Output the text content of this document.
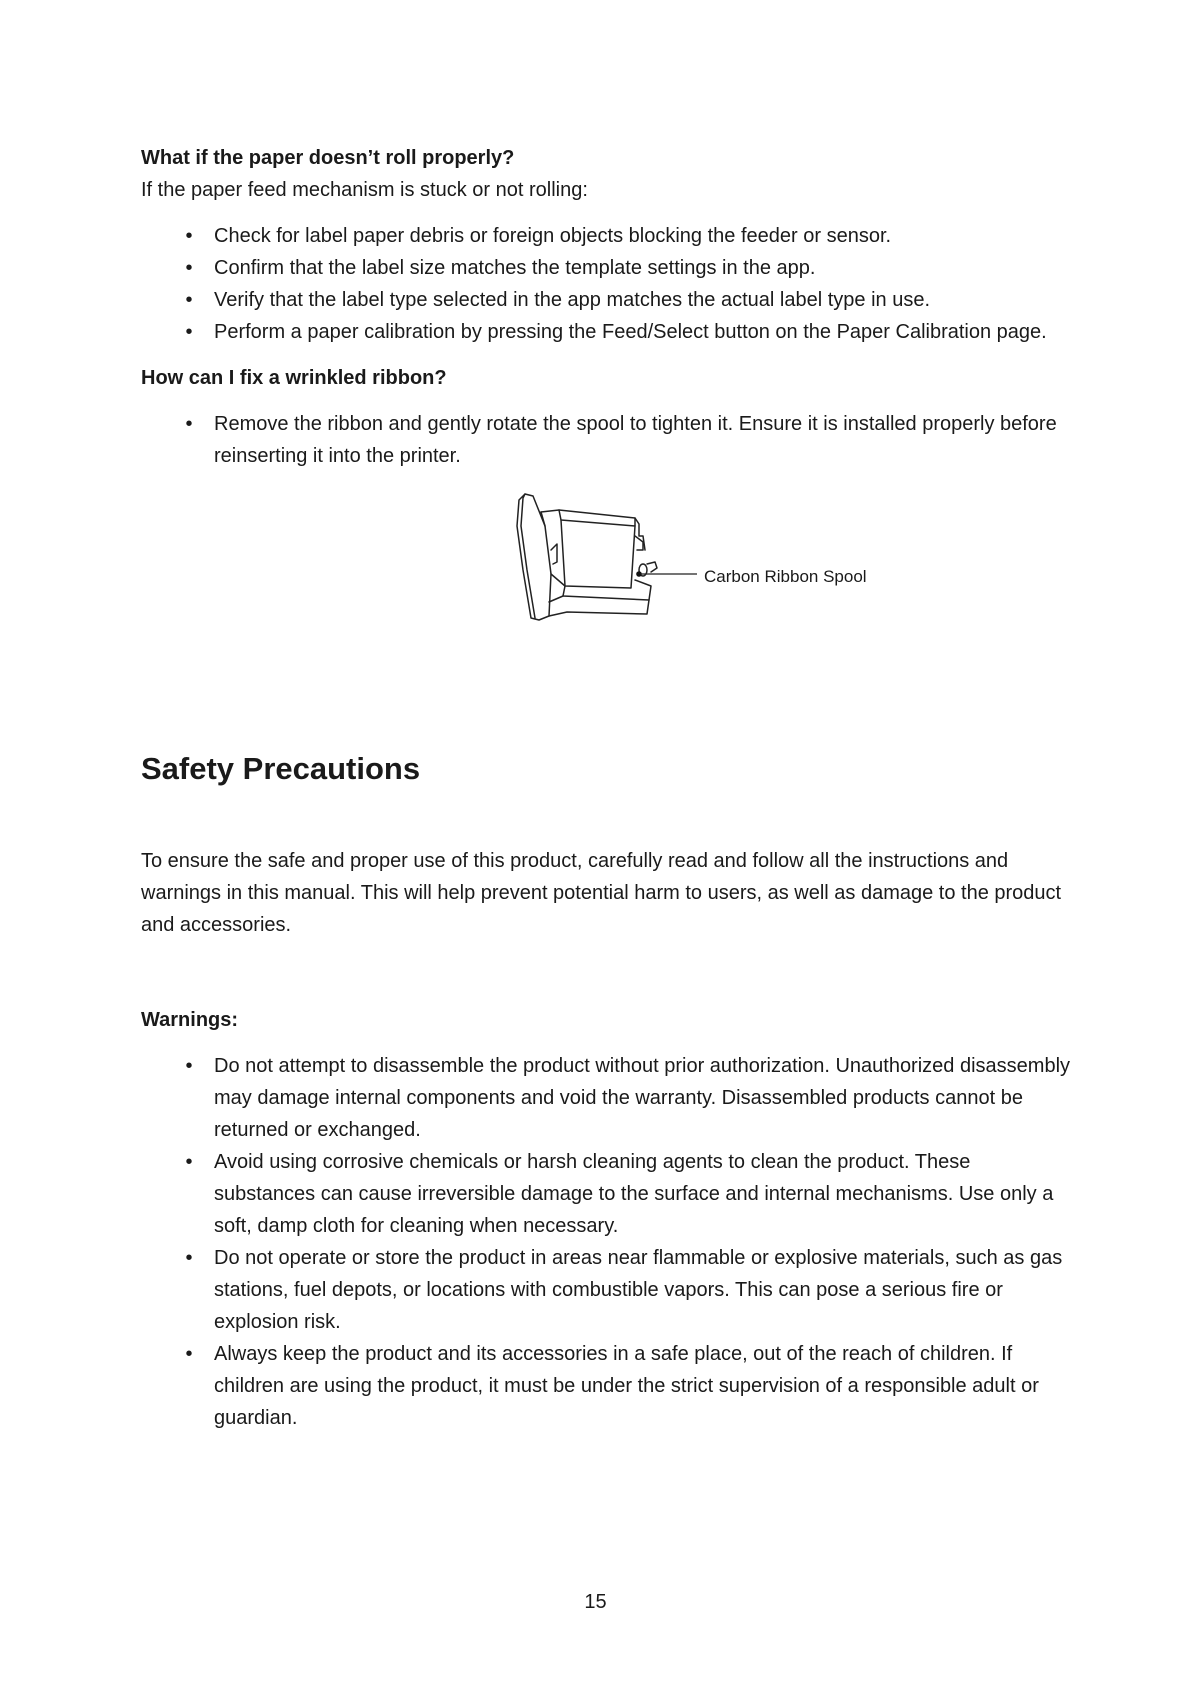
What if the paper doesn’t roll properly?

If the paper feed mechanism is stuck or not rolling:

• Check for label paper debris or foreign objects blocking the feeder or sensor.
• Confirm that the label size matches the template settings in the app.
• Verify that the label type selected in the app matches the actual label type in use.
• Perform a paper calibration by pressing the Feed/Select button on the Paper Calibration page.

How can I fix a wrinkled ribbon?

• Remove the ribbon and gently rotate the spool to tighten it. Ensure it is installed properly before reinserting it into the printer.
Carbon Ribbon Spool
Safety Precautions

To ensure the safe and proper use of this product, carefully read and follow all the instructions and warnings in this manual. This will help prevent potential harm to users, as well as damage to the product and accessories.

Warnings:

• Do not attempt to disassemble the product without prior authorization. Unauthorized disassembly may damage internal components and void the warranty. Disassembled products cannot be returned or exchanged.
• Avoid using corrosive chemicals or harsh cleaning agents to clean the product. These substances can cause irreversible damage to the surface and internal mechanisms. Use only a soft, damp cloth for cleaning when necessary.
• Do not operate or store the product in areas near flammable or explosive materials, such as gas stations, fuel depots, or locations with combustible vapors. This can pose a serious fire or explosion risk.
• Always keep the product and its accessories in a safe place, out of the reach of children. If children are using the product, it must be under the strict supervision of a responsible adult or guardian.
15
